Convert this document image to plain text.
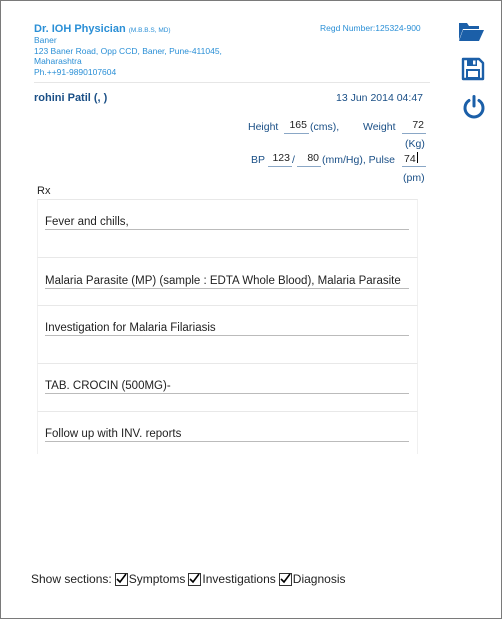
Dr. IOH Physician (M.B.B.S, MD)
Baner
123 Baner Road, Opp CCD, Baner, Pune-411045,
Maharashtra
Ph.++91-9890107604
Regd Number:125324-900
rohini Patil (, )	13 Jun 2014 04:47
Height	165 (cms), Weight	72
(Kg)
BP 123 /	80 (mm/Hg), Pulse 74
(pm)
Rx
Fever and chills,
Malaria Parasite (MP) (sample : EDTA Whole Blood), Malaria Parasite
Investigation for Malaria Filariasis
TAB. CROCIN (500MG)-
Follow up with INV. reports
Show sections: Symptoms Investigations Diagnosis
